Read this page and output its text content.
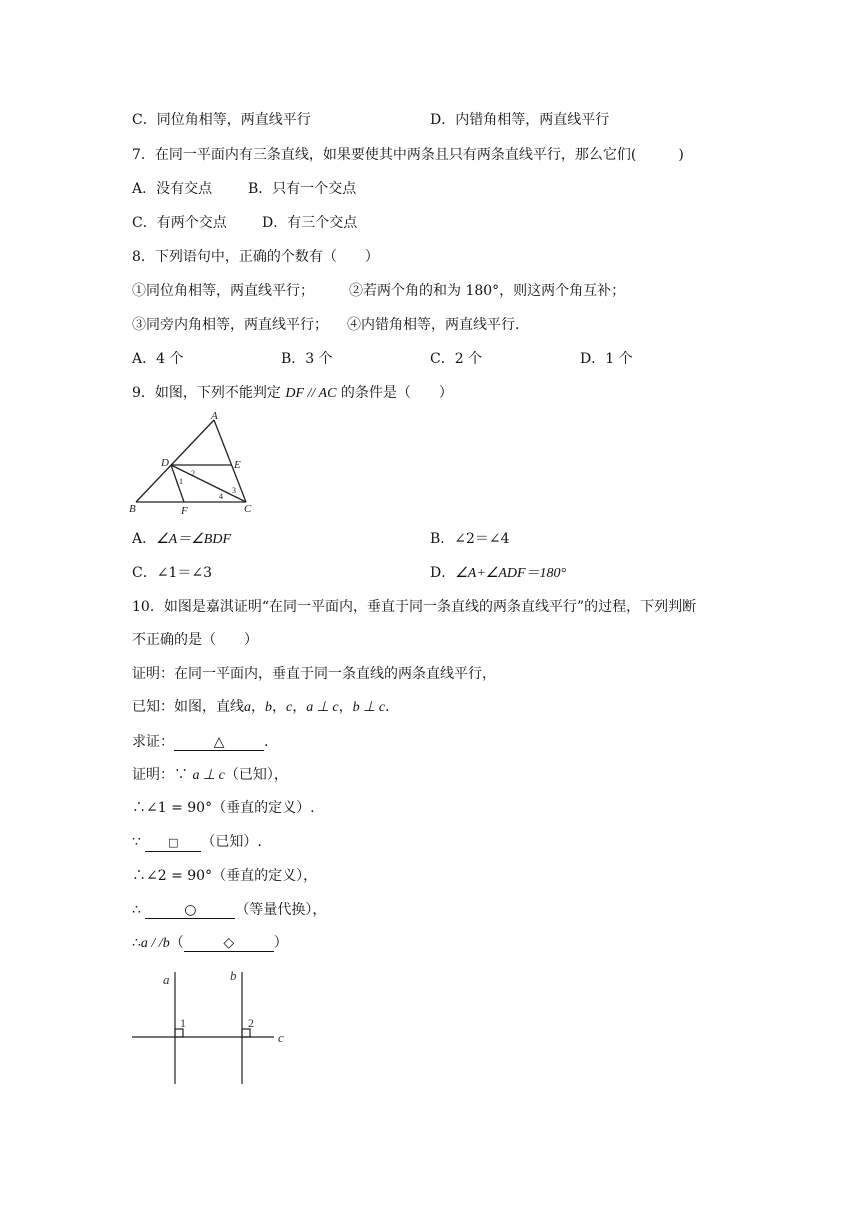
C．同位角相等，两直线平行	D．内错角相等，两直线平行
7．在同一平面内有三条直线，如果要使其中两条且只有两条直线平行，那么它们(	)
A．没有交点	B．只有一个交点
C．有两个交点	D．有三个交点
8．下列语句中，正确的个数有（　　）
①同位角相等，两直线平行；	②若两个角的和为 180°，则这两个角互补；
③同旁内角相等，两直线平行； ④内错角相等，两直线平行．
A．4 个	B．3 个	C．2 个	D．1 个
9．如图，下列不能判定 DF // AC 的条件是（　　）
A
B	C
D	E
F
1
2
3
4
A．∠A＝∠BDF	B．∠2＝∠4
C．∠1＝∠3	D．∠A+∠ADF＝180°
10．如图是嘉淇证明“在同一平面内，垂直于同一条直线的两条直线平行”的过程，下列判断
不正确的是（　　）
证明：在同一平面内，垂直于同一条直线的两条直线平行，
已知：如图，直线a，b，c，a ⊥ c，b ⊥ c．
求证：	△	.
证明：∵ a ⊥ c（已知），
∴∠1 = 90°（垂直的定义）.
∵ □ （已知）.
∴∠2 = 90°（垂直的定义），
∴	○	（等量代换），
∴a / /b（	◇	）
a	b
c
1	2
